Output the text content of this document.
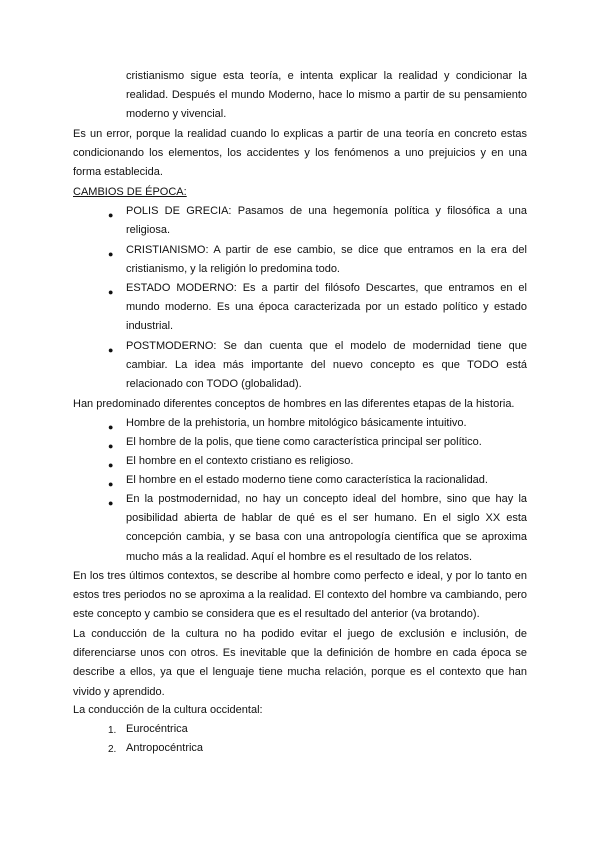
cristianismo sigue esta teoría, e intenta explicar la realidad y condicionar la realidad. Después el mundo Moderno, hace lo mismo a partir de su pensamiento moderno y vivencial.

Es un error, porque la realidad cuando lo explicas a partir de una teoría en concreto estas condicionando los elementos, los accidentes y los fenómenos a uno prejuicios y en una forma establecida.

CAMBIOS DE ÉPOCA:

●	POLIS DE GRECIA: Pasamos de una hegemonía política y filosófica a una religiosa.

●	CRISTIANISMO: A partir de ese cambio, se dice que entramos en la era del cristianismo, y la religión lo predomina todo.

●	ESTADO MODERNO: Es a partir del filósofo Descartes, que entramos en el mundo moderno. Es una época caracterizada por un estado político y estado industrial.

●	POSTMODERNO: Se dan cuenta que el modelo de modernidad tiene que cambiar. La idea más importante del nuevo concepto es que TODO está relacionado con TODO (globalidad).

Han predominado diferentes conceptos de hombres en las diferentes etapas de la historia.

●	Hombre de la prehistoria, un hombre mitológico básicamente intuitivo.

●	El hombre de la polis, que tiene como característica principal ser político.

●	El hombre en el contexto cristiano es religioso.

●	El hombre en el estado moderno tiene como característica la racionalidad.

●	En la postmodernidad, no hay un concepto ideal del hombre, sino que hay la posibilidad abierta de hablar de qué es el ser humano. En el siglo XX esta concepción cambia, y se basa con una antropología científica que se aproxima mucho más a la realidad. Aquí el hombre es el resultado de los relatos.

En los tres últimos contextos, se describe al hombre como perfecto e ideal, y por lo tanto en estos tres periodos no se aproxima a la realidad. El contexto del hombre va cambiando, pero este concepto y cambio se considera que es el resultado del anterior (va brotando).

La conducción de la cultura no ha podido evitar el juego de exclusión e inclusión, de diferenciarse unos con otros. Es inevitable que la definición de hombre en cada época se describe a ellos, ya que el lenguaje tiene mucha relación, porque es el contexto que han vivido y aprendido.

La conducción de la cultura occidental:

1. Eurocéntrica

2. Antropocéntrica
